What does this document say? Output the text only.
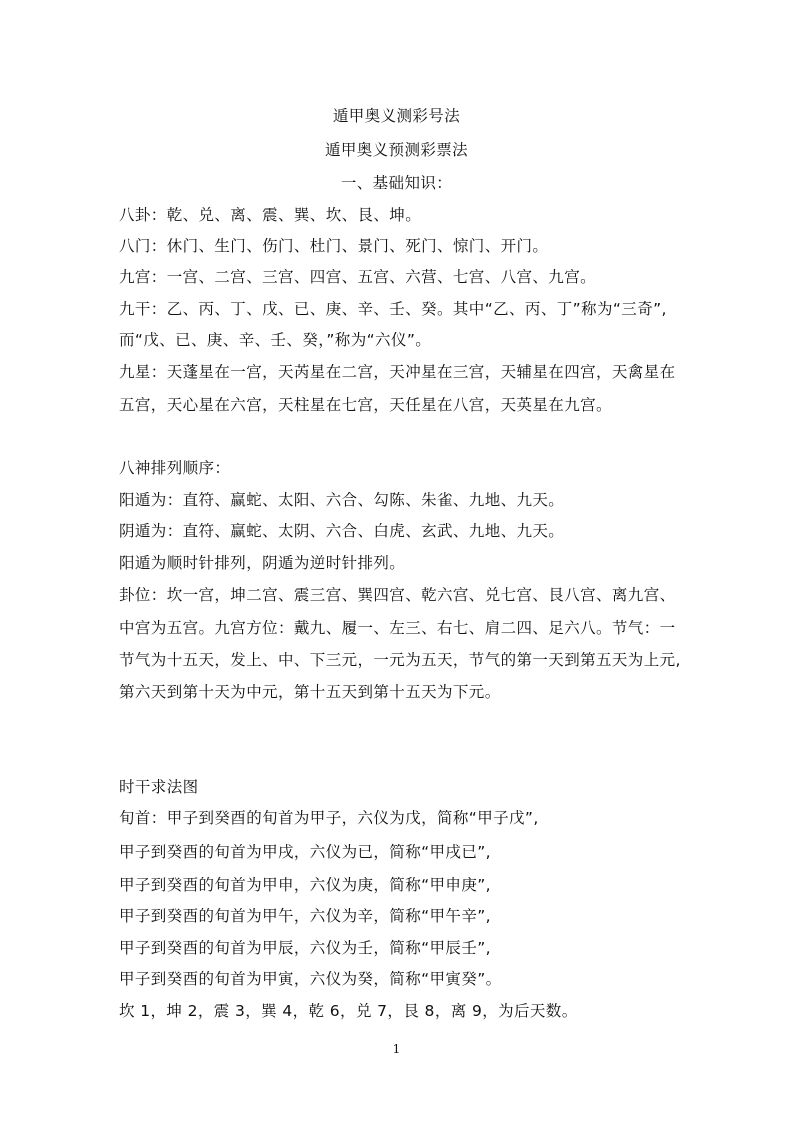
遁甲奥义测彩号法
遁甲奥义预测彩票法
一、基础知识：
八卦：乾、兑、离、震、巽、坎、艮、坤。
八门：休门、生门、伤门、杜门、景门、死门、惊门、开门。
九宫：一宫、二宫、三宫、四宫、五宫、六营、七宫、八宫、九宫。
九干：乙、丙、丁、戊、已、庚、辛、壬、癸。其中“乙、丙、丁”称为“三奇”,
而“戊、已、庚、辛、壬、癸，”称为“六仪”。
九星：天蓬星在一宫，天芮星在二宫，天冲星在三宫，天辅星在四宫，天禽星在
五宫，天心星在六宫，天柱星在七宫，天任星在八宫，天英星在九宫。
八神排列顺序：
阳遁为：直符、赢蛇、太阳、六合、勾陈、朱雀、九地、九天。
阴遁为：直符、赢蛇、太阴、六合、白虎、玄武、九地、九天。
阳遁为顺时针排列，阴遁为逆时针排列。
卦位：坎一宫，坤二宫、震三宫、巽四宫、乾六宫、兑七宫、艮八宫、离九宫、
中宫为五宫。九宫方位：戴九、履一、左三、右七、肩二四、足六八。节气：一
节气为十五天，发上、中、下三元，一元为五天，节气的第一天到第五天为上元,
第六天到第十天为中元，第十五天到第十五天为下元。
时干求法图
旬首：甲子到癸酉的旬首为甲子，六仪为戊，简称“甲子戊”,
甲子到癸酉的旬首为甲戌，六仪为已，简称“甲戌已”,
甲子到癸酉的旬首为甲申，六仪为庚，简称“甲申庚”,
甲子到癸酉的旬首为甲午，六仪为辛，简称“甲午辛”,
甲子到癸酉的旬首为甲辰，六仪为壬，简称“甲辰壬”,
甲子到癸酉的旬首为甲寅，六仪为癸，简称“甲寅癸”。
坎 1，坤 2，震 3，巽 4，乾 6，兑 7，艮 8，离 9，为后天数。
1
